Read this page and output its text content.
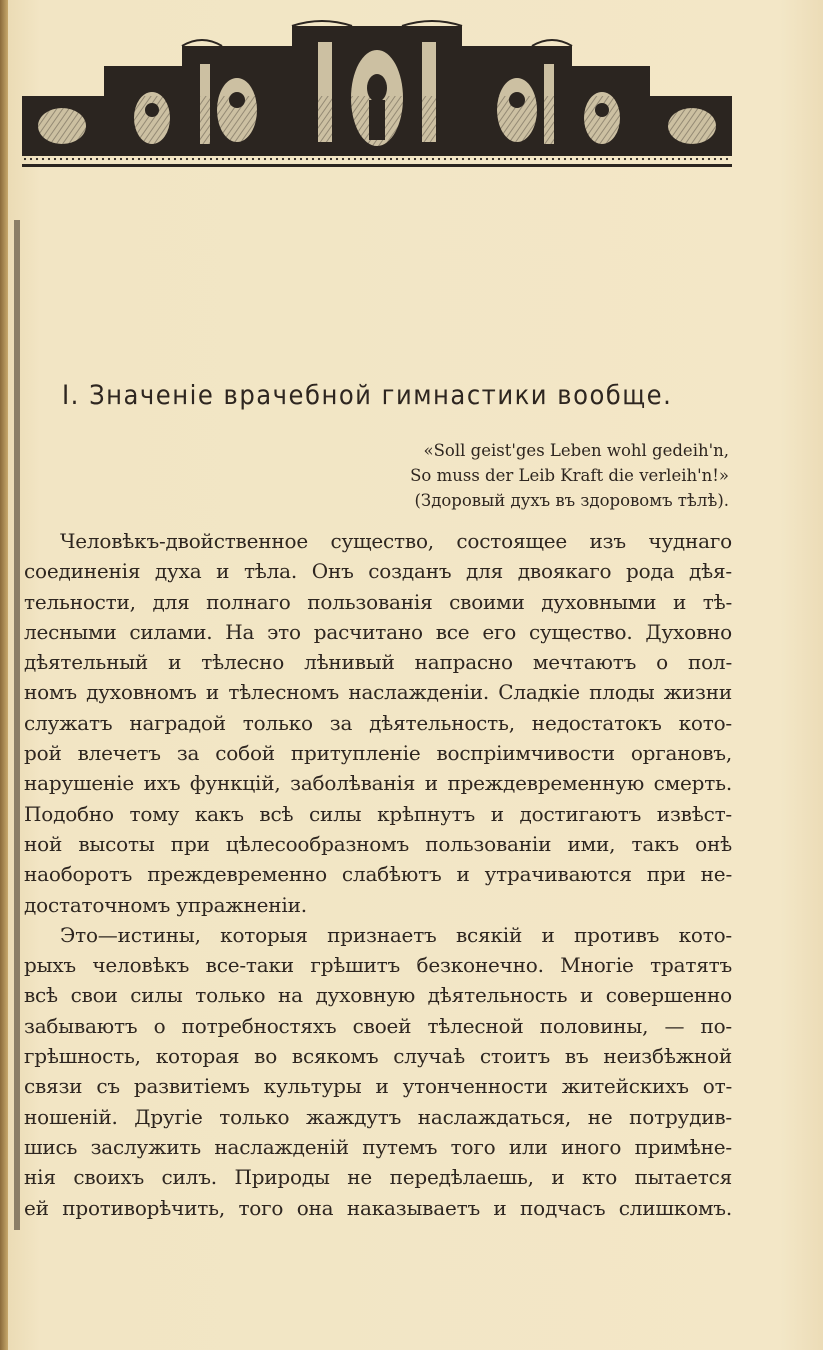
I. Значеніе врачебной гимнастики вообще.
«Soll geist'ges Leben wohl gedeih'n,
So muss der Leib Kraft die verleih'n!»
(Здоровый духъ въ здоровомъ тѣлѣ).
Человѣкъ-двойственное существо, состоящее изъ чуднаго
соединенія духа и тѣла. Онъ созданъ для двоякаго рода дѣя-
тельности, для полнаго пользованія своими духовными и тѣ-
лесными силами. На это расчитано все его существо. Духовно
дѣятельный и тѣлесно лѣнивый напрасно мечтаютъ о пол-
номъ духовномъ и тѣлесномъ наслажденіи. Сладкіе плоды жизни
служатъ наградой только за дѣятельность, недостатокъ кото-
рой влечетъ за собой притупленіе воспріимчивости органовъ,
нарушеніе ихъ функцій, заболѣванія и преждевременную смерть.
Подобно тому какъ всѣ силы крѣпнутъ и достигаютъ извѣст-
ной высоты при цѣлесообразномъ пользованіи ими, такъ онѣ
наоборотъ преждевременно слабѣютъ и утрачиваются при не-
достаточномъ упражненіи.
Это—истины, которыя признаетъ всякій и противъ кото-
рыхъ человѣкъ все-таки грѣшитъ безконечно. Многіе тратятъ
всѣ свои силы только на духовную дѣятельность и совершенно
забываютъ о потребностяхъ своей тѣлесной половины, — по-
грѣшность, которая во всякомъ случаѣ стоитъ въ неизбѣжной
связи съ развитіемъ культуры и утонченности житейскихъ от-
ношеній. Другіе только жаждутъ наслаждаться, не потрудив-
шись заслужить наслажденій путемъ того или иного примѣне-
нія своихъ силъ. Природы не передѣлаешь, и кто пытается
ей противорѣчить, того она наказываетъ и подчасъ слишкомъ.
